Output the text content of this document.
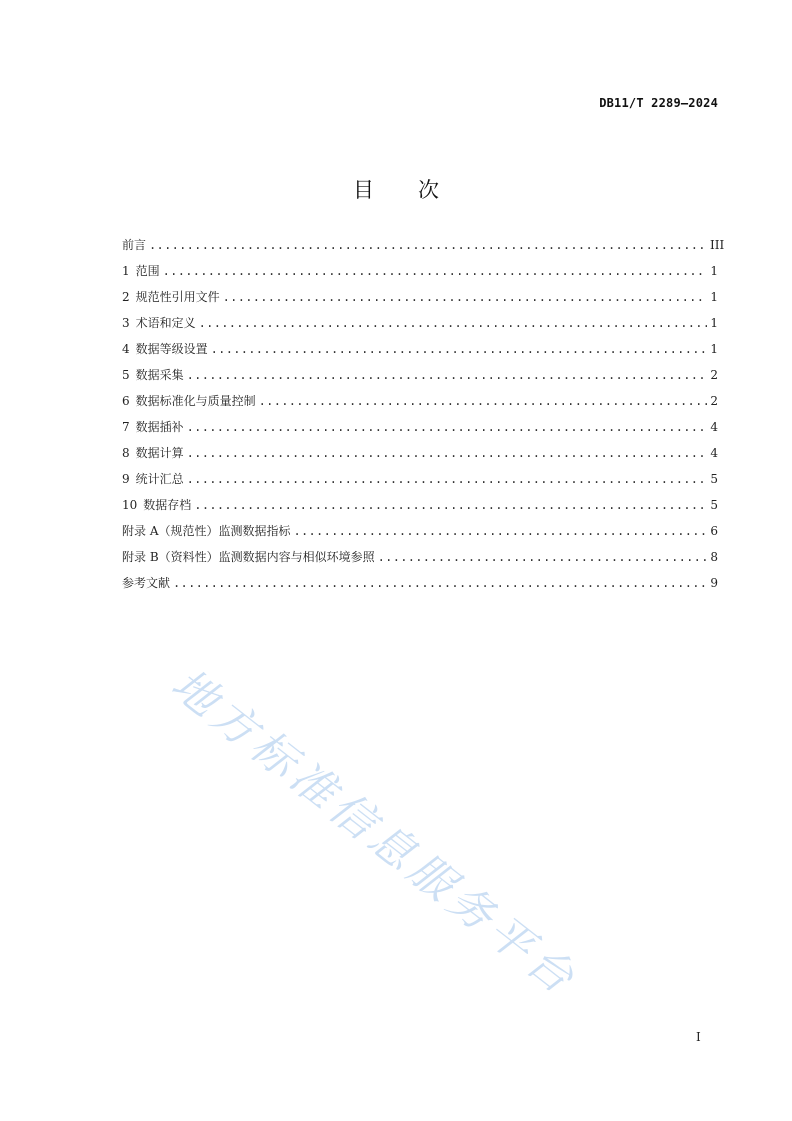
DB11/T 2289—2024
目 次
前言 .....	III
1 范围 .....	1
2 规范性引用文件 .....	1
3 术语和定义 .....	1
4 数据等级设置 .....	1
5 数据采集 .....	2
6 数据标准化与质量控制 .....	2
7 数据插补 .....	4
8 数据计算 .....	4
9 统计汇总 .....	5
10 数据存档 .....	5
附录 A（规范性）监测数据指标 .....	6
附录 B（资料性）监测数据内容与相似环境参照 .....	8
参考文献 .....	9
地方标准信息服务平台
I
